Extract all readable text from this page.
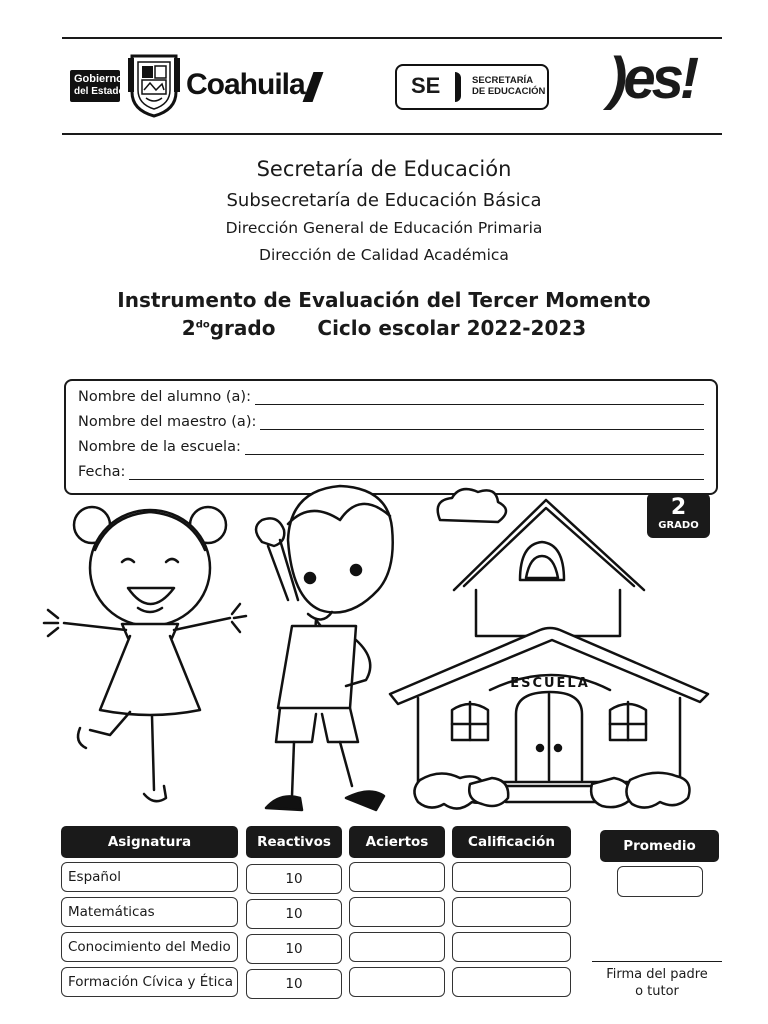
Gobierno
del Estado Coahuila	SE	SECRETARÍA
DE EDUCACIÓN )es!
Secretaría de Educación
Subsecretaría de Educación Básica
Dirección General de Educación Primaria
Dirección de Calidad Académica
Instrumento de Evaluación del Tercer Momento
$2^{do}grado$ Ciclo escolar 2022-2023
Nombre del alumno (a):
Nombre del maestro (a):
Nombre de la escuela:
Fecha:
2
GRADO
ESCUELA
Asignatura	Reactivos	Aciertos	Calificación	Promedio
Español	10
Matemáticas	10
Conocimiento del Medio	10
Formación Cívica y Ética	10
Firma del padre
o tutor
